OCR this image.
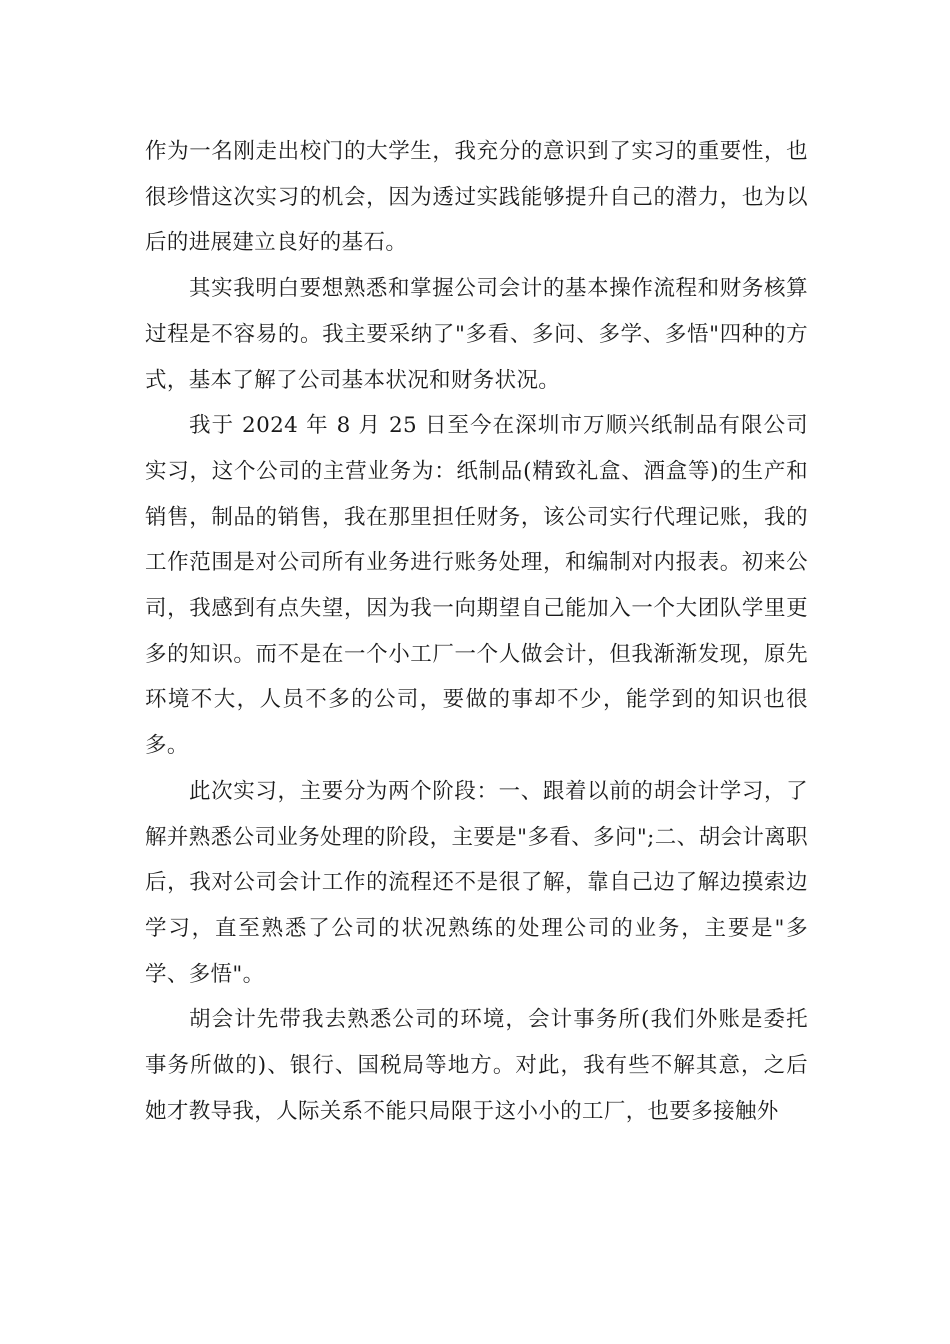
作为一名刚走出校门的大学生，我充分的意识到了实习的重要性，也很珍惜这次实习的机会，因为透过实践能够提升自己的潜力，也为以后的进展建立良好的基石。

其实我明白要想熟悉和掌握公司会计的基本操作流程和财务核算过程是不容易的。我主要采纳了"多看、多问、多学、多悟"四种的方式，基本了解了公司基本状况和财务状况。

我于 2024 年 8 月 25 日至今在深圳市万顺兴纸制品有限公司实习，这个公司的主营业务为：纸制品(精致礼盒、酒盒等)的生产和销售，制品的销售，我在那里担任财务，该公司实行代理记账，我的工作范围是对公司所有业务进行账务处理，和编制对内报表。初来公司，我感到有点失望，因为我一向期望自己能加入一个大团队学里更多的知识。而不是在一个小工厂一个人做会计，但我渐渐发现，原先环境不大，人员不多的公司，要做的事却不少，能学到的知识也很多。

此次实习，主要分为两个阶段：一、跟着以前的胡会计学习，了解并熟悉公司业务处理的阶段，主要是"多看、多问";二、胡会计离职后，我对公司会计工作的流程还不是很了解，靠自己边了解边摸索边学习，直至熟悉了公司的状况熟练的处理公司的业务，主要是"多学、多悟"。

胡会计先带我去熟悉公司的环境，会计事务所(我们外账是委托事务所做的)、银行、国税局等地方。对此，我有些不解其意，之后她才教导我，人际关系不能只局限于这小小的工厂，也要多接触外
